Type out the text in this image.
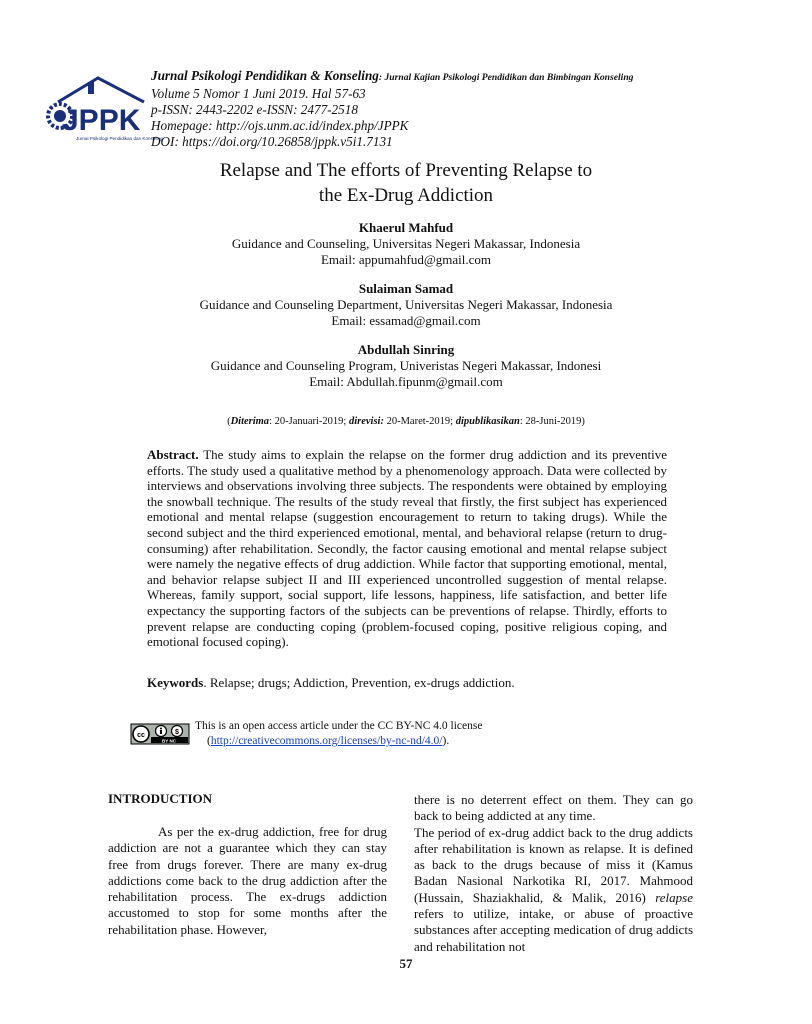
JPPK
Jurnal Psikologi Pendidikan dan Konseling
Jurnal Psikologi Pendidikan & Konseling: Jurnal Kajian Psikologi Pendidikan dan Bimbingan Konseling
Volume 5 Nomor 1 Juni 2019. Hal 57-63
p-ISSN: 2443-2202 e-ISSN: 2477-2518
Homepage: http://ojs.unm.ac.id/index.php/JPPK
DOI: https://doi.org/10.26858/jppk.v5i1.7131
Relapse and The efforts of Preventing Relapse to
the Ex-Drug Addiction
Khaerul Mahfud
Guidance and Counseling, Universitas Negeri Makassar, Indonesia
Email: appumahfud@gmail.com
Sulaiman Samad
Guidance and Counseling Department, Universitas Negeri Makassar, Indonesia
Email: essamad@gmail.com
Abdullah Sinring
Guidance and Counseling Program, Univeristas Negeri Makassar, Indonesi
Email: Abdullah.fipunm@gmail.com
(Diterima: 20-Januari-2019; direvisi: 20-Maret-2019; dipublikasikan: 28-Juni-2019)
Abstract. The study aims to explain the relapse on the former drug addiction and its preventive efforts. The study used a qualitative method by a phenomenology approach. Data were collected by interviews and observations involving three subjects. The respondents were obtained by employing the snowball technique. The results of the study reveal that firstly, the first subject has experienced emotional and mental relapse (suggestion encouragement to return to taking drugs). While the second subject and the third experienced emotional, mental, and behavioral relapse (return to drug-consuming) after rehabilitation. Secondly, the factor causing emotional and mental relapse subject were namely the negative effects of drug addiction. While factor that supporting emotional, mental, and behavior relapse subject II and III experienced uncontrolled suggestion of mental relapse. Whereas, family support, social support, life lessons, happiness, life satisfaction, and better life expectancy the supporting factors of the subjects can be preventions of relapse. Thirdly, efforts to prevent relapse are conducting coping (problem-focused coping, positive religious coping, and emotional focused coping).
Keywords. Relapse; drugs; Addiction, Prevention, ex-drugs addiction.
cc	$
BY NC
This is an open access article under the CC BY-NC 4.0 license
(http://creativecommons.org/licenses/by-nc-nd/4.0/).
INTRODUCTION
As per the ex-drug addiction, free for drug addiction are not a guarantee which they can stay free from drugs forever. There are many ex-drug addictions come back to the drug addiction after the rehabilitation process. The ex-drugs addiction accustomed to stop for some months after the rehabilitation phase. However,

there is no deterrent effect on them. They can go back to being addicted at any time.

The period of ex-drug addict back to the drug addicts after rehabilitation is known as relapse. It is defined as back to the drugs because of miss it (Kamus Badan Nasional Narkotika RI, 2017. Mahmood (Hussain, Shaziakhalid, & Malik, 2016) relapse refers to utilize, intake, or abuse of proactive substances after accepting medication of drug addicts and rehabilitation not

57
